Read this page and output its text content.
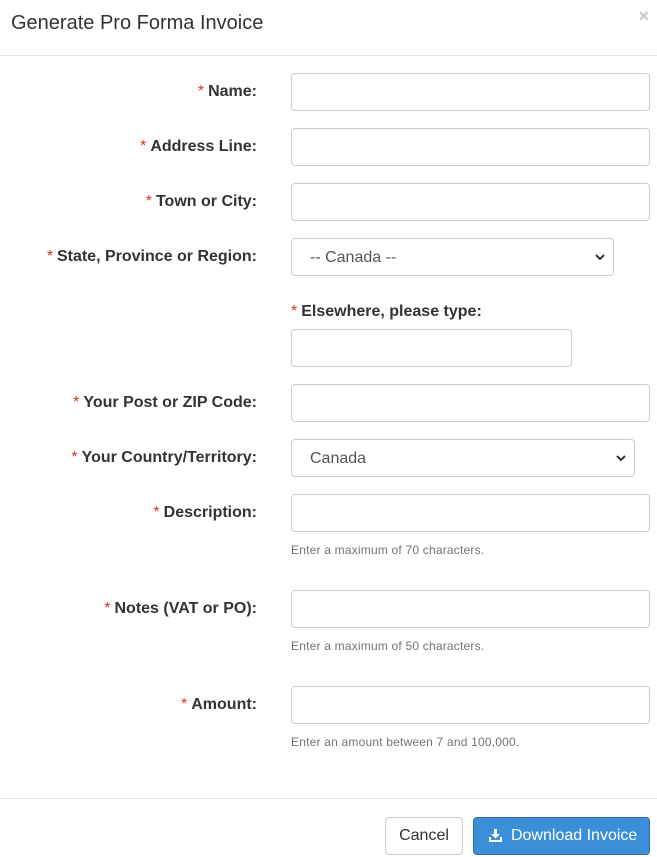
Generate Pro Forma Invoice	×
* Name:
* Address Line:
* Town or City:
* State, Province or Region:	-- Canada --
* Elsewhere, please type:
* Your Post or ZIP Code:
* Your Country/Territory:	Canada
* Description:
Enter a maximum of 70 characters.
* Notes (VAT or PO):
Enter a maximum of 50 characters.
* Amount:
Enter an amount between 7 and 100,000.
Cancel	Download Invoice
